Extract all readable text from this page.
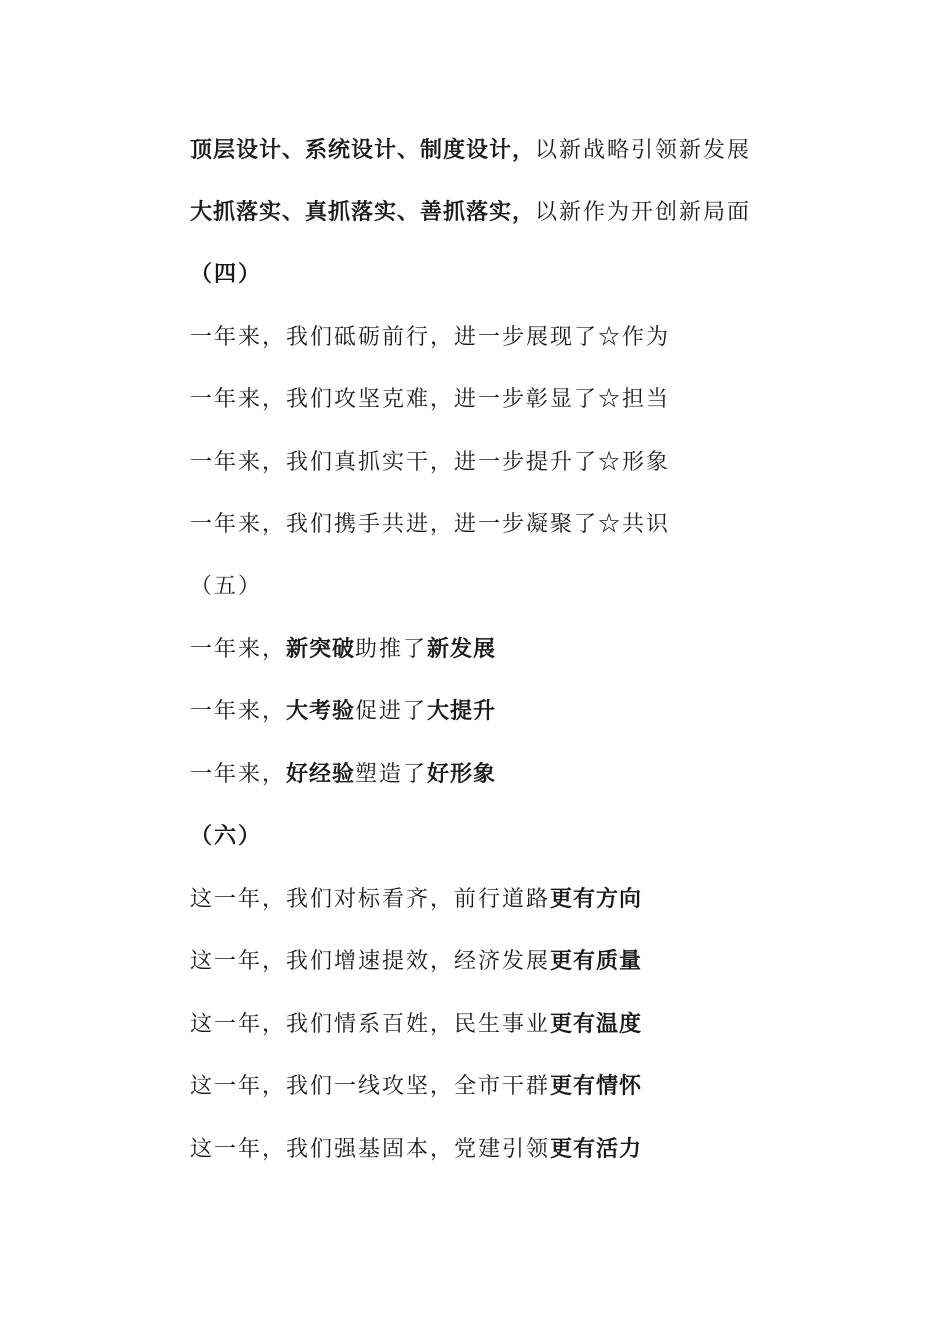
顶层设计、系统设计、制度设计，以新战略引领新发展
大抓落实、真抓落实、善抓落实，以新作为开创新局面
（四）
一年来，我们砥砺前行，进一步展现了☆作为
一年来，我们攻坚克难，进一步彰显了☆担当
一年来，我们真抓实干，进一步提升了☆形象
一年来，我们携手共进，进一步凝聚了☆共识
（五）
一年来，新突破助推了新发展
一年来，大考验促进了大提升
一年来，好经验塑造了好形象
（六）
这一年，我们对标看齐，前行道路更有方向
这一年，我们增速提效，经济发展更有质量
这一年，我们情系百姓，民生事业更有温度
这一年，我们一线攻坚，全市干群更有情怀
这一年，我们强基固本，党建引领更有活力
